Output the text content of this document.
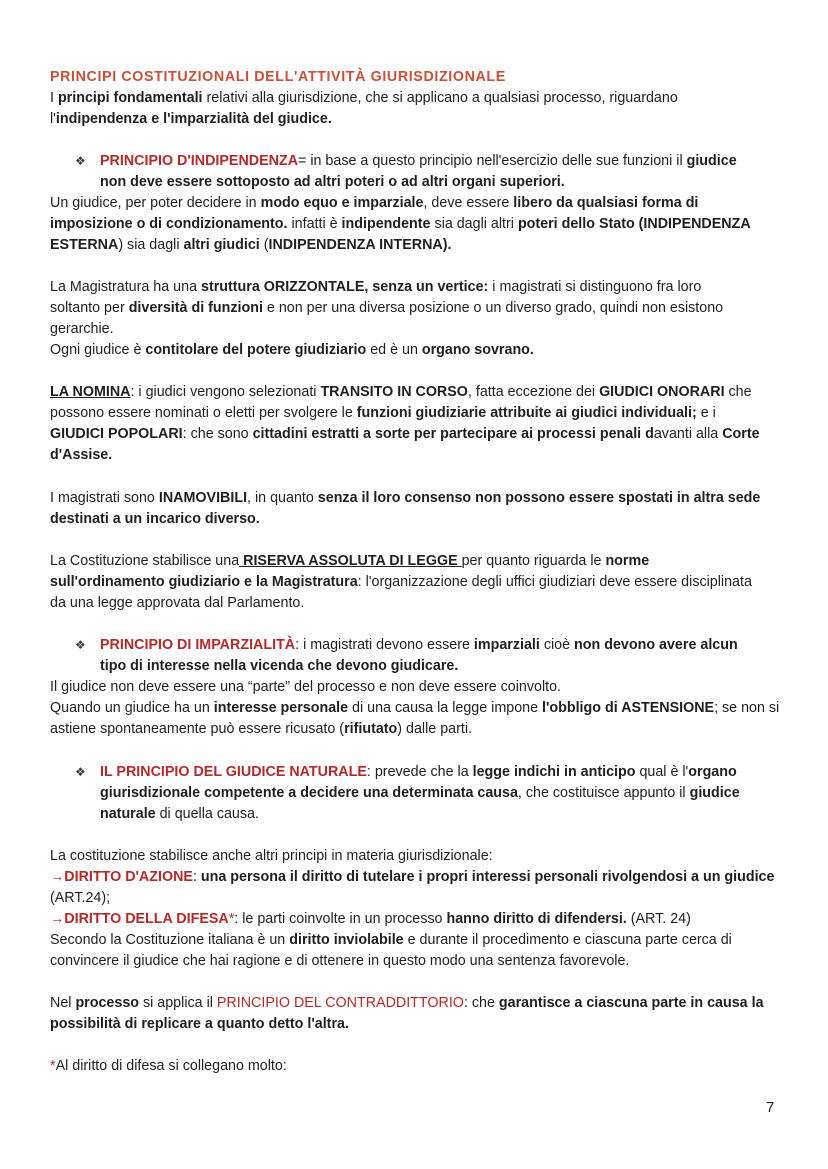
PRINCIPI COSTITUZIONALI DELL'ATTIVITÀ GIURISDIZIONALE
I principi fondamentali relativi alla giurisdizione, che si applicano a qualsiasi processo, riguardano
l'indipendenza e l'imparzialità del giudice.
❖ PRINCIPIO D'INDIPENDENZA= in base a questo principio nell'esercizio delle sue funzioni il giudice
non deve essere sottoposto ad altri poteri o ad altri organi superiori.
Un giudice, per poter decidere in modo equo e imparziale, deve essere libero da qualsiasi forma di
imposizione o di condizionamento. infatti è indipendente sia dagli altri poteri dello Stato (INDIPENDENZA
ESTERNA) sia dagli altri giudici (INDIPENDENZA INTERNA).
La Magistratura ha una struttura ORIZZONTALE, senza un vertice: i magistrati si distinguono fra loro
soltanto per diversità di funzioni e non per una diversa posizione o un diverso grado, quindi non esistono
gerarchie.
Ogni giudice è contitolare del potere giudiziario ed è un organo sovrano.
LA NOMINA: i giudici vengono selezionati TRANSITO IN CORSO, fatta eccezione dei GIUDICI ONORARI che
possono essere nominati o eletti per svolgere le funzioni giudiziarie attribuite ai giudici individuali; e i
GIUDICI POPOLARI: che sono cittadini estratti a sorte per partecipare ai processi penali davanti alla Corte
d'Assise.
I magistrati sono INAMOVIBILI, in quanto senza il loro consenso non possono essere spostati in altra sede
destinati a un incarico diverso.
La Costituzione stabilisce una RISERVA ASSOLUTA DI LEGGE per quanto riguarda le norme
sull'ordinamento giudiziario e la Magistratura: l'organizzazione degli uffici giudiziari deve essere disciplinata
da una legge approvata dal Parlamento.
❖ PRINCIPIO DI IMPARZIALITÀ: i magistrati devono essere imparziali cioè non devono avere alcun
tipo di interesse nella vicenda che devono giudicare.
Il giudice non deve essere una “parte” del processo e non deve essere coinvolto.
Quando un giudice ha un interesse personale di una causa la legge impone l'obbligo di ASTENSIONE; se non si
astiene spontaneamente può essere ricusato (rifiutato) dalle parti.
❖ IL PRINCIPIO DEL GIUDICE NATURALE: prevede che la legge indichi in anticipo qual è l'organo
giurisdizionale competente a decidere una determinata causa, che costituisce appunto il giudice
naturale di quella causa.
La costituzione stabilisce anche altri principi in materia giurisdizionale:
→DIRITTO D'AZIONE: una persona il diritto di tutelare i propri interessi personali rivolgendosi a un giudice
(ART.24);
→DIRITTO DELLA DIFESA*: le parti coinvolte in un processo hanno diritto di difendersi. (ART. 24)
Secondo la Costituzione italiana è un diritto inviolabile e durante il procedimento e ciascuna parte cerca di
convincere il giudice che hai ragione e di ottenere in questo modo una sentenza favorevole.
Nel processo si applica il PRINCIPIO DEL CONTRADDITTORIO: che garantisce a ciascuna parte in causa la
possibilità di replicare a quanto detto l'altra.
*Al diritto di difesa si collegano molto:
7
